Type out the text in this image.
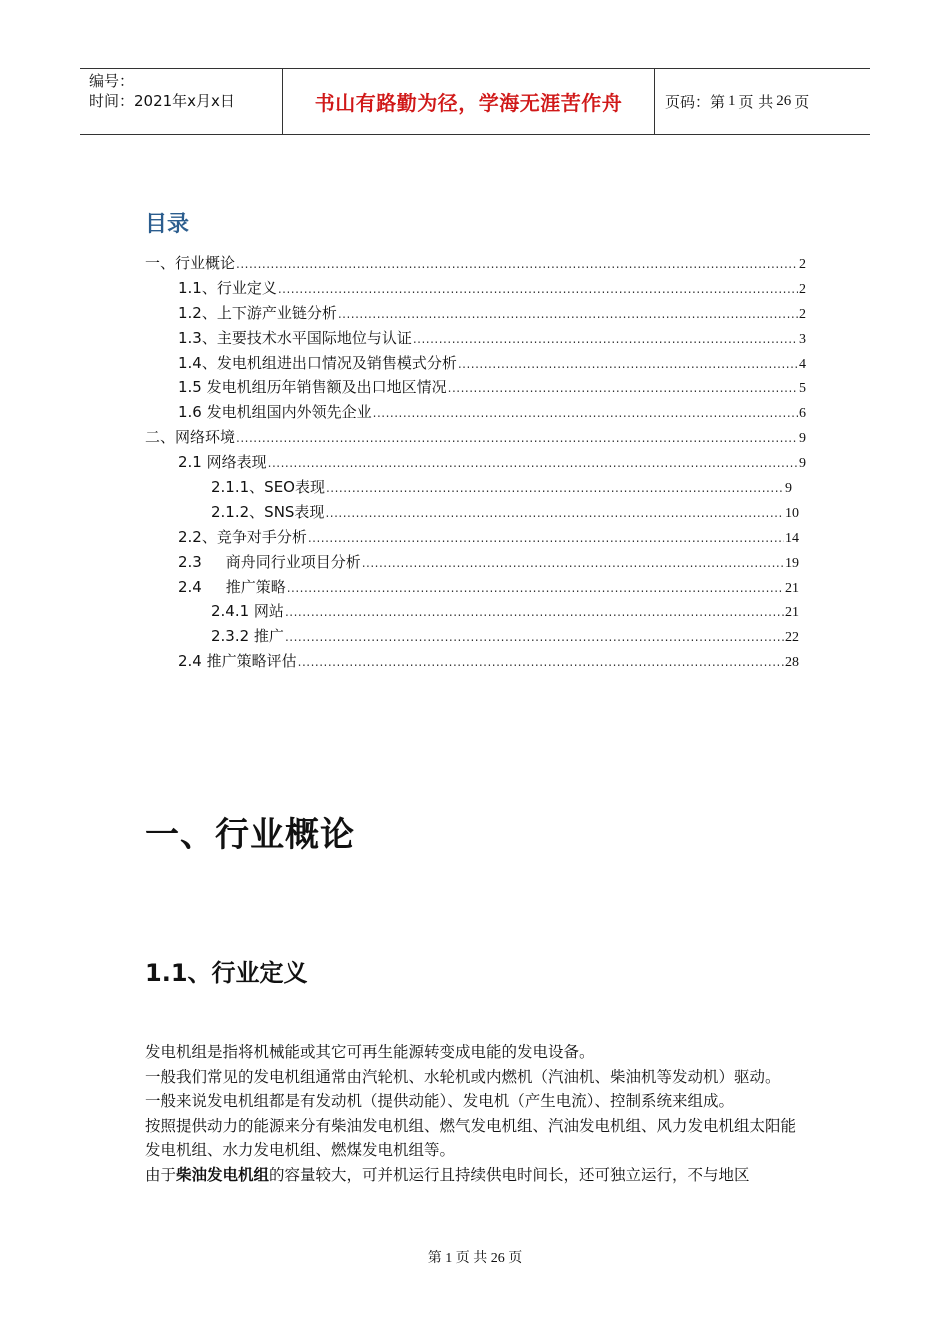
编号：
时间：2021年x月x日	书山有路勤为径，学海无涯苦作舟	页码：第 1 页 共 26 页
目录
一、行业概论 .....	2
1.1、行业定义 .....	2
1.2、上下游产业链分析 .....	2
1.3、主要技术水平国际地位与认证 .....	3
1.4、发电机组进出口情况及销售模式分析 .....	4
1.5 发电机组历年销售额及出口地区情况 .....	5
1.6 发电机组国内外领先企业 .....	6
二、网络环境 .....	9
2.1 网络表现 .....	9
2.1.1、SEO表现 .....	9
2.1.2、SNS表现 .....	10
2.2、竞争对手分析 .....	14
2.3     商舟同行业项目分析 .....	19
2.4     推广策略 .....	21
2.4.1 网站 .....	21
2.3.2 推广 .....	22
2.4 推广策略评估 .....	28
一、行业概论
1.1、行业定义

发电机组是指将机械能或其它可再生能源转变成电能的发电设备。

一般我们常见的发电机组通常由汽轮机、水轮机或内燃机（汽油机、柴油机等发动机）驱动。

一般来说发电机组都是有发动机（提供动能）、发电机（产生电流）、控制系统来组成。

按照提供动力的能源来分有柴油发电机组、燃气发电机组、汽油发电机组、风力发电机组太阳能发电机组、水力发电机组、燃煤发电机组等。

由于柴油发电机组的容量较大，可并机运行且持续供电时间长，还可独立运行，不与地区

第 1 页 共 26 页
